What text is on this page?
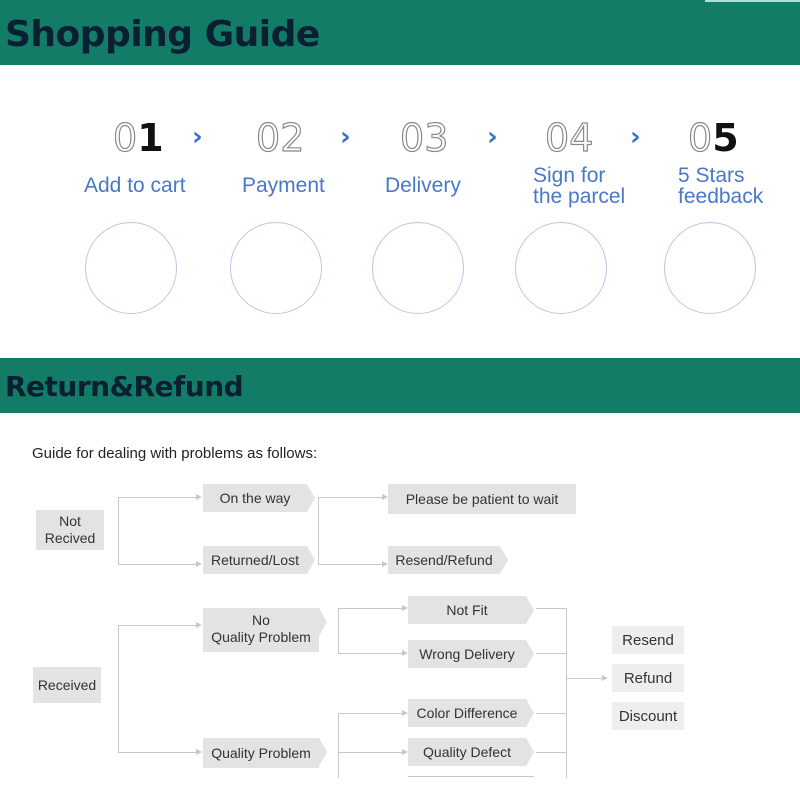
Shopping Guide
01
Add to cart
› 02
Payment
› 03
Delivery
› 04
Sign for
the parcel
› 05
5 Stars
feedback
Return&Refund
Guide for dealing with problems as follows:
Not
Recived
On the way
Returned/Lost
Please be patient to wait
Resend/Refund
Received
No
Quality Problem
Quality Problem
Not Fit
Wrong Delivery
Color Difference
Quality Defect
Resend
Refund
Discount
